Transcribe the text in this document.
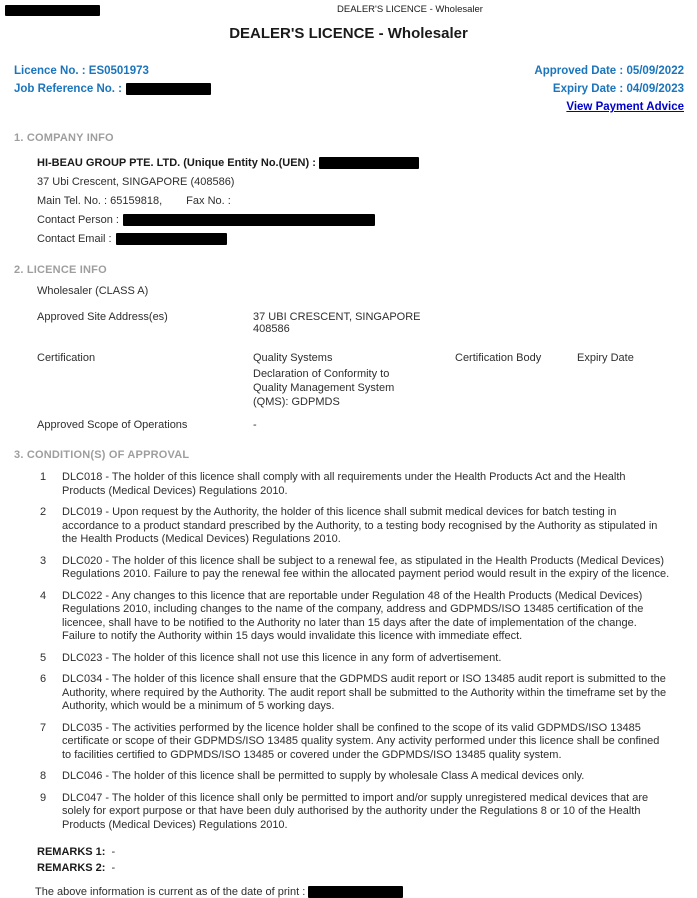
DEALER'S LICENCE - Wholesaler
DEALER'S LICENCE - Wholesaler
Licence No. : ES0501973
Job Reference No. :
Approved Date : 05/09/2022
Expiry Date : 04/09/2023
View Payment Advice
1. COMPANY INFO
HI-BEAU GROUP PTE. LTD. (Unique Entity No.(UEN) :
37 Ubi Crescent, SINGAPORE (408586)
Main Tel. No. : 65159818, Fax No. :
Contact Person :
Contact Email :
2. LICENCE INFO
Wholesaler (CLASS A)
Approved Site Address(es)	37 UBI CRESCENT, SINGAPORE 408586
Certification	Quality Systems	Certification Body	Expiry Date
Declaration of Conformity to Quality Management System (QMS): GDPMDS
Approved Scope of Operations	-
3. CONDITION(S) OF APPROVAL
1	DLC018 - The holder of this licence shall comply with all requirements under the Health Products Act and the Health Products (Medical Devices) Regulations 2010.
2	DLC019 - Upon request by the Authority, the holder of this licence shall submit medical devices for batch testing in accordance to a product standard prescribed by the Authority, to a testing body recognised by the Authority as stipulated in the Health Products (Medical Devices) Regulations 2010.
3	DLC020 - The holder of this licence shall be subject to a renewal fee, as stipulated in the Health Products (Medical Devices) Regulations 2010. Failure to pay the renewal fee within the allocated payment period would result in the expiry of the licence.
4	DLC022 - Any changes to this licence that are reportable under Regulation 48 of the Health Products (Medical Devices) Regulations 2010, including changes to the name of the company, address and GDPMDS/ISO 13485 certification of the licencee, shall have to be notified to the Authority no later than 15 days after the date of implementation of the change. Failure to notify the Authority within 15 days would invalidate this licence with immediate effect.
5	DLC023 - The holder of this licence shall not use this licence in any form of advertisement.
6	DLC034 - The holder of this licence shall ensure that the GDPMDS audit report or ISO 13485 audit report is submitted to the Authority, where required by the Authority. The audit report shall be submitted to the Authority within the timeframe set by the Authority, which would be a minimum of 5 working days.
7	DLC035 - The activities performed by the licence holder shall be confined to the scope of its valid GDPMDS/ISO 13485 certificate or scope of their GDPMDS/ISO 13485 quality system. Any activity performed under this licence shall be confined to facilities certified to GDPMDS/ISO 13485 or covered under the GDPMDS/ISO 13485 quality system.
8	DLC046 - The holder of this licence shall be permitted to supply by wholesale Class A medical devices only.
9	DLC047 - The holder of this licence shall only be permitted to import and/or supply unregistered medical devices that are solely for export purpose or that have been duly authorised by the authority under the Regulations 8 or 10 of the Health Products (Medical Devices) Regulations 2010.
REMARKS 1: -
REMARKS 2: -
The above information is current as of the date of print :
